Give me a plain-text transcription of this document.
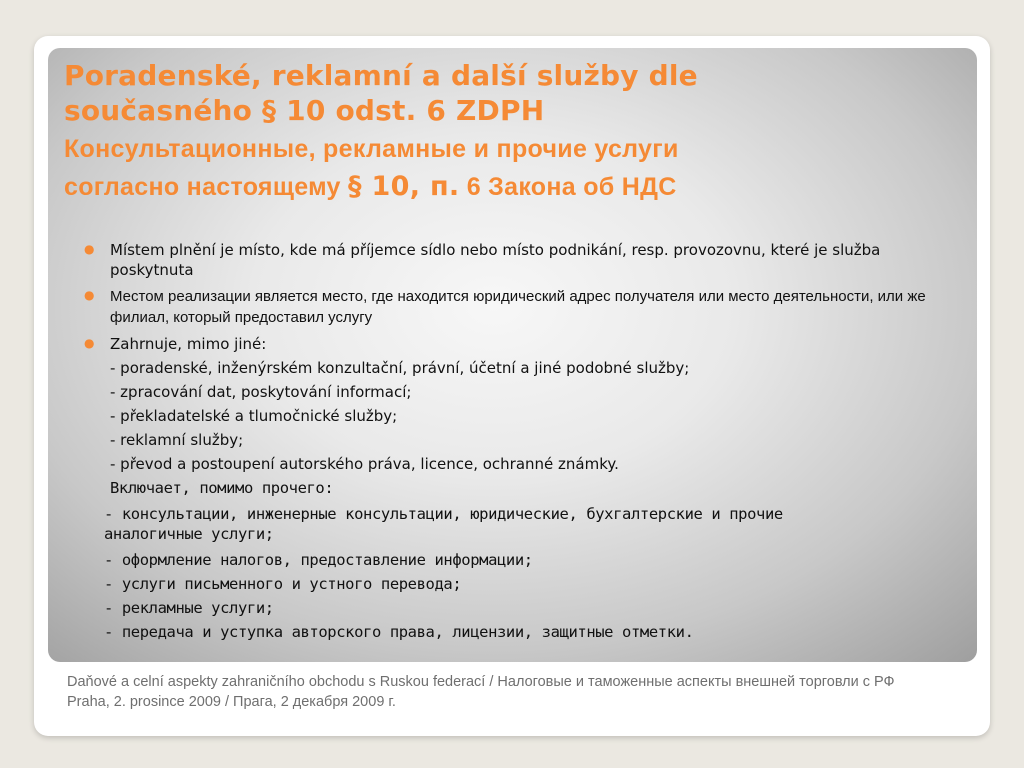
Poradenské, reklamní a další služby dle
současného § 10 odst. 6 ZDPH
Консультационные, рекламные и прочие услуги
согласно настоящему § 10, п. 6 Закона об НДС
● Místem plnění je místo, kde má příjemce sídlo nebo místo podnikání, resp. provozovnu, které je služba poskytnuta
● Местом реализации является место, где находится юридический адрес получателя или место деятельности, или же филиал, который предоставил услугу
● Zahrnuje, mimo jiné:
- poradenské, inženýrském konzultační, právní, účetní a jiné podobné služby;
- zpracování dat, poskytování informací;
- překladatelské a tlumočnické služby;
- reklamní služby;
- převod a postoupení autorského práva, licence, ochranné známky.
Включает, помимо прочего:
- консультации, инженерные консультации, юридические, бухгалтерские и прочие аналогичные услуги;
- оформление налогов, предоставление информации;
- услуги письменного и устного перевода;
- рекламные услуги;
- передача и уступка авторского права, лицензии, защитные отметки.
Daňové a celní aspekty zahraničního obchodu s Ruskou federací / Налоговые и таможенные аспекты внешней торговли с РФ
Praha, 2. prosince 2009 / Прага, 2 декабря 2009 г.
